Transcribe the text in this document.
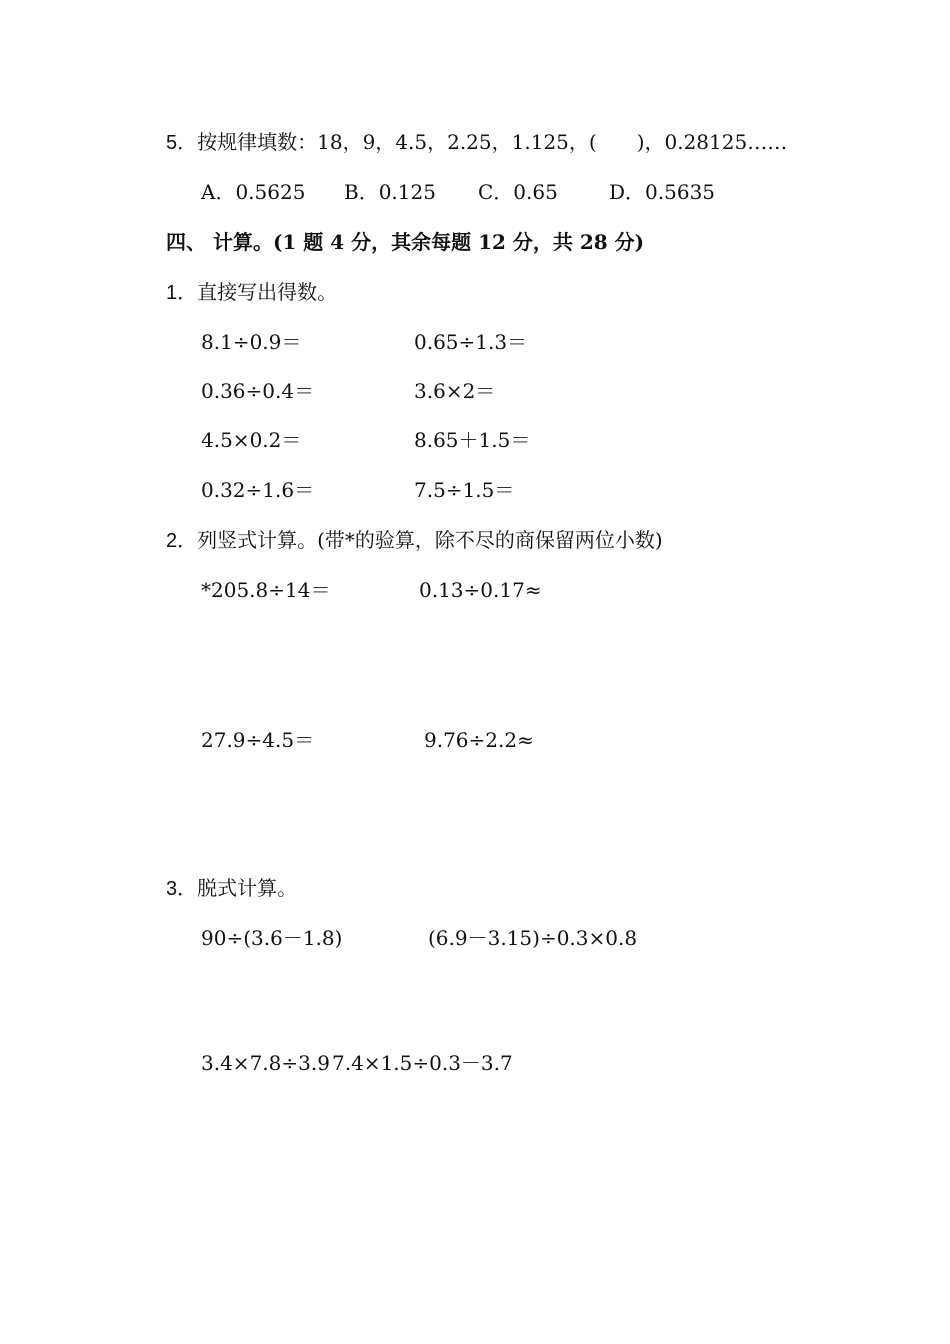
5．按规律填数：18，9，4.5，2.25，1.125，(　　)，0.28125……
A．0.5625 B．0.125 C．0.65	D．0.5635
四、 计算。(1 题 4 分，其余每题 12 分，共 28 分)
1．直接写出得数。
8.1÷0.9＝	0.65÷1.3＝
0.36÷0.4＝	3.6×2＝
4.5×0.2＝	8.65＋1.5＝
0.32÷1.6＝	7.5÷1.5＝
2．列竖式计算。(带*的验算，除不尽的商保留两位小数)
*205.8÷14＝	0.13÷0.17≈
27.9÷4.5＝	9.76÷2.2≈
3．脱式计算。
90÷(3.6－1.8)	(6.9－3.15)÷0.3×0.8
3.4×7.8÷3.9 7.4×1.5÷0.3－3.7
